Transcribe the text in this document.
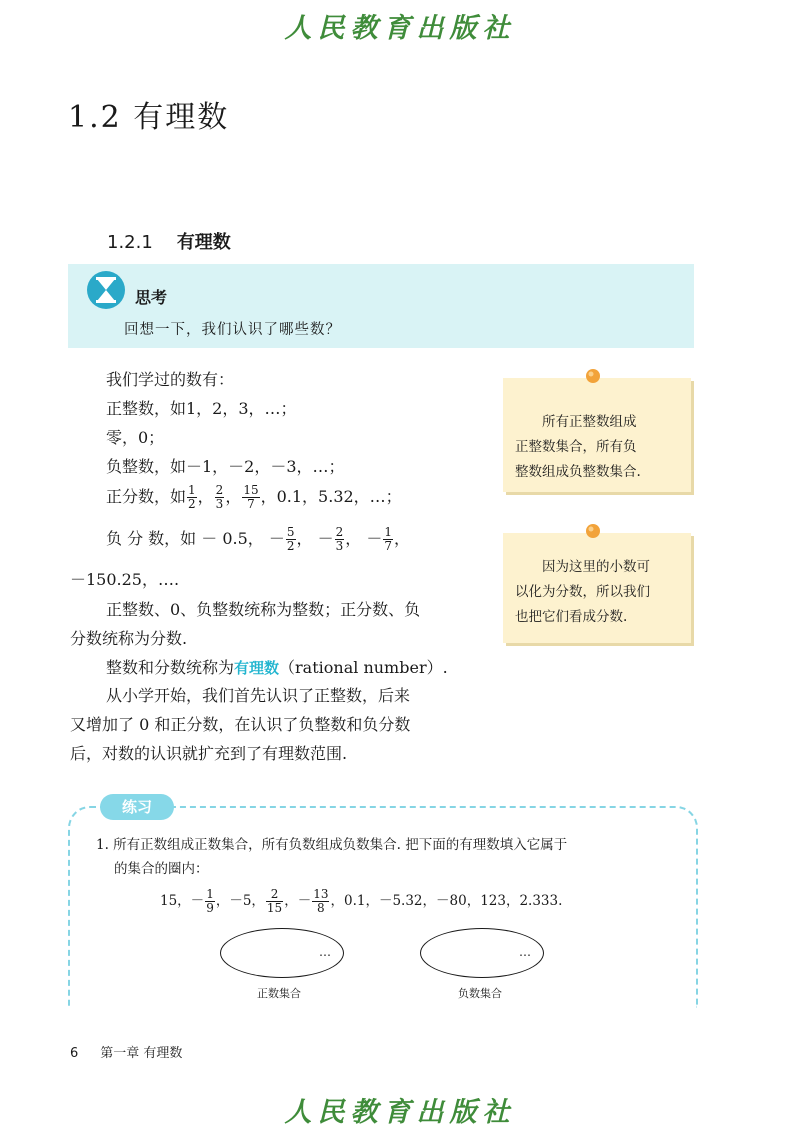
人民教育出版社
1.2 有理数
1.2.1 有理数
思考
回想一下，我们认识了哪些数？
我们学过的数有：
正整数，如1，2，3，…；
零，0；
负整数，如－1，－2，－3，…；
正分数，如 $\frac{1}{2}$ ， $\frac{2}{3}$ ， $\frac{15}{7}$ ，0.1，5.32，…；
负 分 数，如 － 0.5， － $\frac{5}{2}$ ， － $\frac{2}{3}$ ， － $\frac{1}{7}$ ，
－150.25，….
正整数、0、负整数统称为整数；正分数、负
分数统称为分数.
整数和分数统称为有理数（rational number）.
从小学开始，我们首先认识了正整数，后来
又增加了 0 和正分数，在认识了负整数和负分数
后，对数的认识就扩充到了有理数范围.
所有正整数组成
正整数集合，所有负
整数组成负整数集合.
因为这里的小数可
以化为分数，所以我们
也把它们看成分数.
练习
1. 所有正数组成正数集合，所有负数组成负数集合. 把下面的有理数填入它属于
的集合的圈内：
15，－ $\frac{1}{9}$ ，－5， $\frac{2}{15}$ ，－ $\frac{13}{8}$ ，0.1，－5.32，－80，123，2.333.
…
正数集合
…
负数集合
6 第一章 有理数
人民教育出版社
